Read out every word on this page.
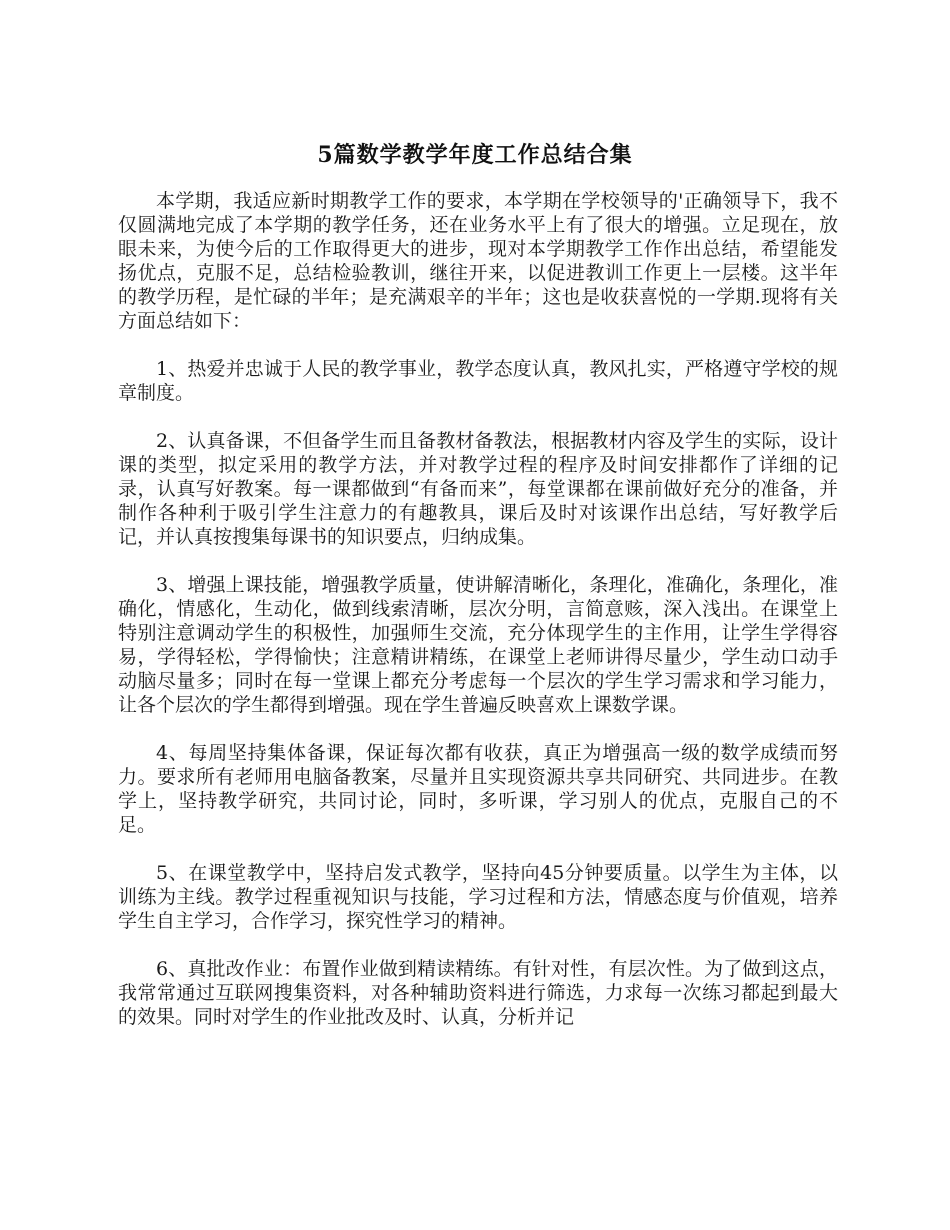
5篇数学教学年度工作总结合集

本学期，我适应新时期教学工作的要求，本学期在学校领导的'正确领导下，我不仅圆满地完成了本学期的教学任务，还在业务水平上有了很大的增强。立足现在，放眼未来，为使今后的工作取得更大的进步，现对本学期教学工作作出总结，希望能发扬优点，克服不足，总结检验教训，继往开来，以促进教训工作更上一层楼。这半年的教学历程，是忙碌的半年；是充满艰辛的半年；这也是收获喜悦的一学期.现将有关方面总结如下：

1、热爱并忠诚于人民的教学事业，教学态度认真，教风扎实，严格遵守学校的规章制度。

2、认真备课，不但备学生而且备教材备教法，根据教材内容及学生的实际，设计课的类型，拟定采用的教学方法，并对教学过程的程序及时间安排都作了详细的记录，认真写好教案。每一课都做到“有备而来”，每堂课都在课前做好充分的准备，并制作各种利于吸引学生注意力的有趣教具，课后及时对该课作出总结，写好教学后记，并认真按搜集每课书的知识要点，归纳成集。

3、增强上课技能，增强教学质量，使讲解清晰化，条理化，准确化，条理化，准确化，情感化，生动化，做到线索清晰，层次分明，言简意赅，深入浅出。在课堂上特别注意调动学生的积极性，加强师生交流，充分体现学生的主作用，让学生学得容易，学得轻松，学得愉快；注意精讲精练，在课堂上老师讲得尽量少，学生动口动手动脑尽量多；同时在每一堂课上都充分考虑每一个层次的学生学习需求和学习能力，让各个层次的学生都得到增强。现在学生普遍反映喜欢上课数学课。

4、每周坚持集体备课，保证每次都有收获，真正为增强高一级的数学成绩而努力。要求所有老师用电脑备教案，尽量并且实现资源共享共同研究、共同进步。在教学上，坚持教学研究，共同讨论，同时，多听课，学习别人的优点，克服自己的不足。

5、在课堂教学中，坚持启发式教学，坚持向45分钟要质量。以学生为主体，以训练为主线。教学过程重视知识与技能，学习过程和方法，情感态度与价值观，培养学生自主学习，合作学习，探究性学习的精神。

6、真批改作业：布置作业做到精读精练。有针对性，有层次性。为了做到这点，我常常通过互联网搜集资料，对各种辅助资料进行筛选，力求每一次练习都起到最大的效果。同时对学生的作业批改及时、认真，分析并记
